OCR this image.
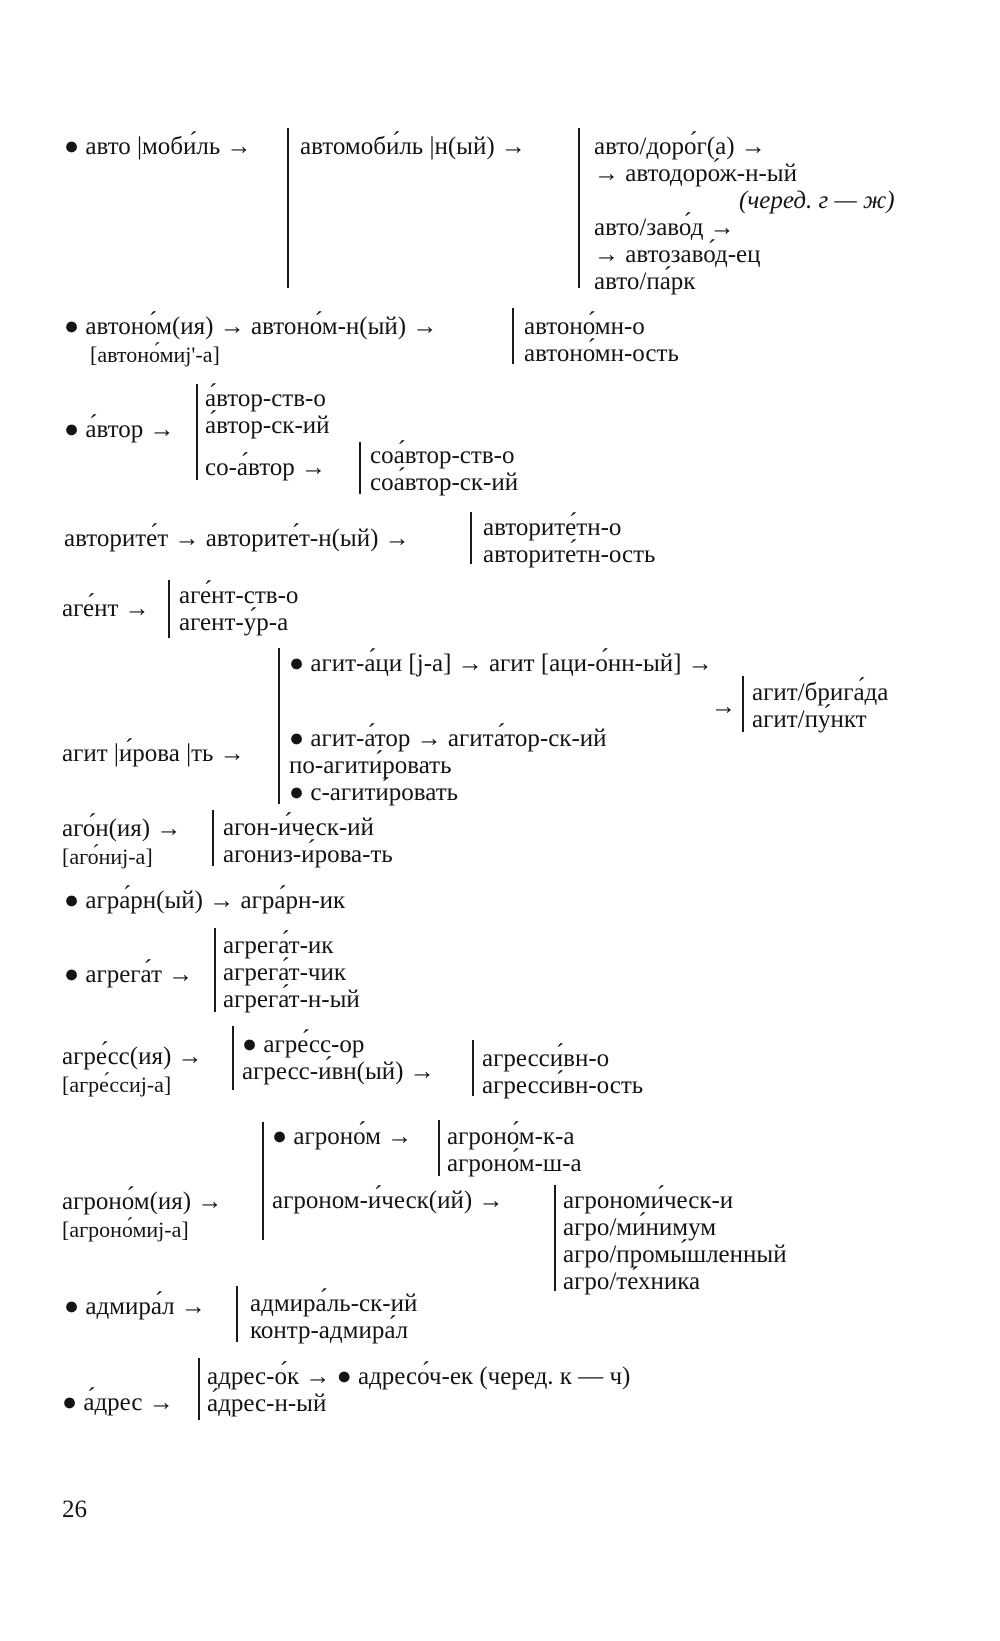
● авто |моби́ль → автомоби́ль |н(ый) →	авто/доро́г(а) →
→ автодоро́ж-н-ый
(черед. г — ж)
авто/заво́д →
→ автозаво́д-ец
авто/па́рк
● автоно́м(ия) → автоно́м-н(ый) →
[автоно́миj'-а]
автоно́мн-о
автоно́мн-ость
● а́втор →
а́втор-ств-о
а́втор-ск-ий
со-а́втор → соа́втор-ств-о
соа́втор-ск-ий
авторите́т → авторите́т-н(ый) →	авторите́тн-о
авторите́тн-ость
аге́нт → аге́нт-ств-о
агент-у́р-а
● агит-а́ци [j-а] → агит [аци-о́нн-ый] →
→
агит/брига́да
агит/пу́нкт
агит |и́рова |ть →
● агит-а́тор → агита́тор-ск-ий
по-агити́ровать
● с-агити́ровать
аго́н(ия) →
[аго́ниj-а]
агон-и́ческ-ий
агониз-и́рова-ть
● агра́рн(ый) → агра́рн-ик
● агрега́т →
агрега́т-ик
агрега́т-чик
агрега́т-н-ый
агре́сс(ия) →
[агре́ссиj-а]
● агре́сс-ор
агресс-и́вн(ый) → агресси́вн-о
агресси́вн-ость
● агроно́м → агроно́м-к-а
агроно́м-ш-а
агроно́м(ия) →
[агроно́миj-а]
агроном-и́ческ(ий) → агрономи́ческ-и
агро/ми́нимум
агро/промы́шленный
агро/те́хника
● адмира́л → адмира́ль-ск-ий
контр-адмира́л
● а́дрес →
адрес-о́к → ● адресо́ч-ек (черед. к — ч)
а́дрес-н-ый
26
